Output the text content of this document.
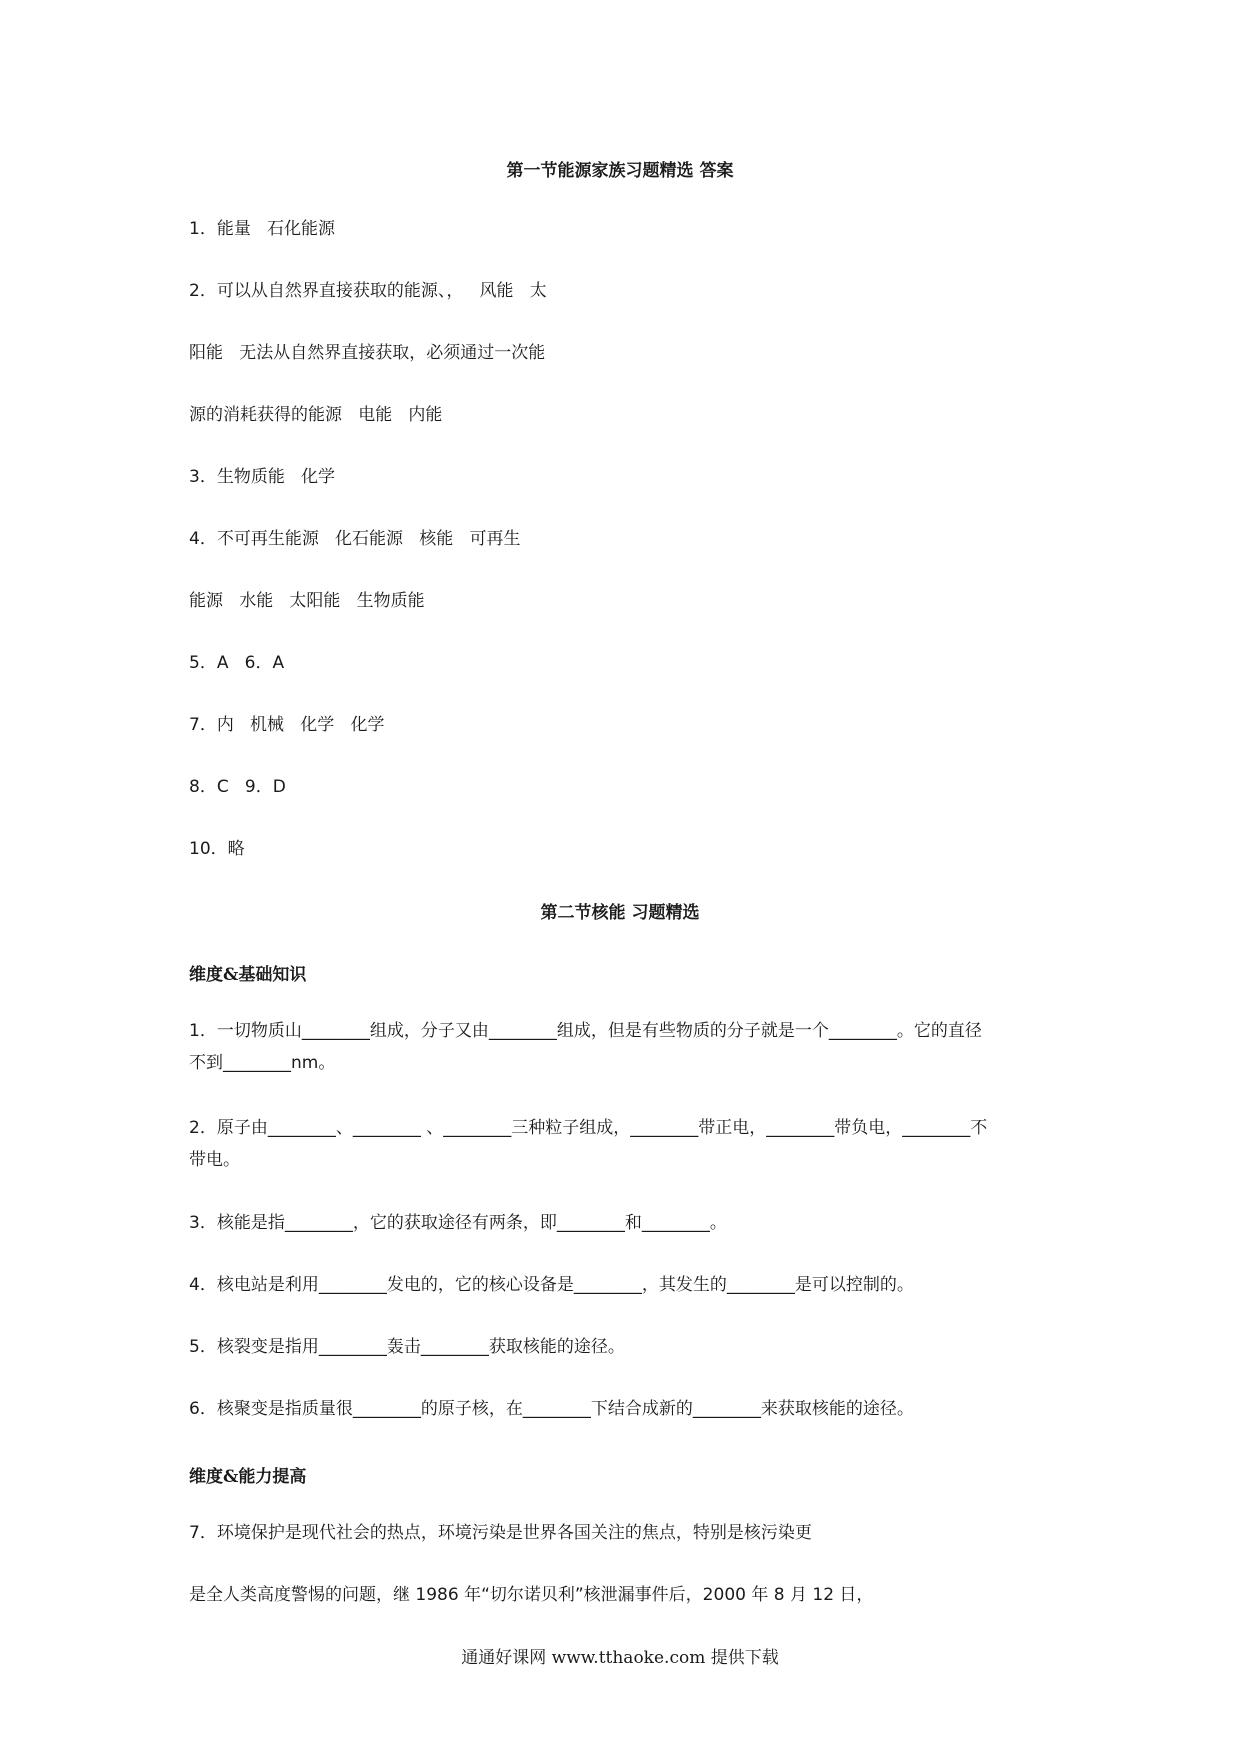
第一节能源家族习题精选 答案
1．能量   石化能源
2．可以从自然界直接获取的能源、，   风能   太
阳能   无法从自然界直接获取，必须通过一次能
源的消耗获得的能源   电能   内能
3．生物质能   化学
4．不可再生能源   化石能源   核能   可再生
能源   水能   太阳能   生物质能
5．A   6．A
7．内   机械   化学   化学
8．C   9．D
10．略
第二节核能 习题精选
维度&基础知识
1．一切物质山________组成，分子又由________组成，但是有些物质的分子就是一个________。它的直径
不到________nm。
2．原子由________、________ 、________三种粒子组成，________带正电，________带负电，________不
带电。
3．核能是指________，它的获取途径有两条，即________和________。
4．核电站是利用________发电的，它的核心设备是________，其发生的________是可以控制的。
5．核裂变是指用________轰击________获取核能的途径。
6．核聚变是指质量很________的原子核，在________下结合成新的________来获取核能的途径。
维度&能力提高
7．环境保护是现代社会的热点，环境污染是世界各国关注的焦点，特别是核污染更
是全人类高度警惕的问题，继 1986 年“切尔诺贝利”核泄漏事件后，2000 年 8 月 12 日，
通通好课网 www.tthaoke.com 提供下载
